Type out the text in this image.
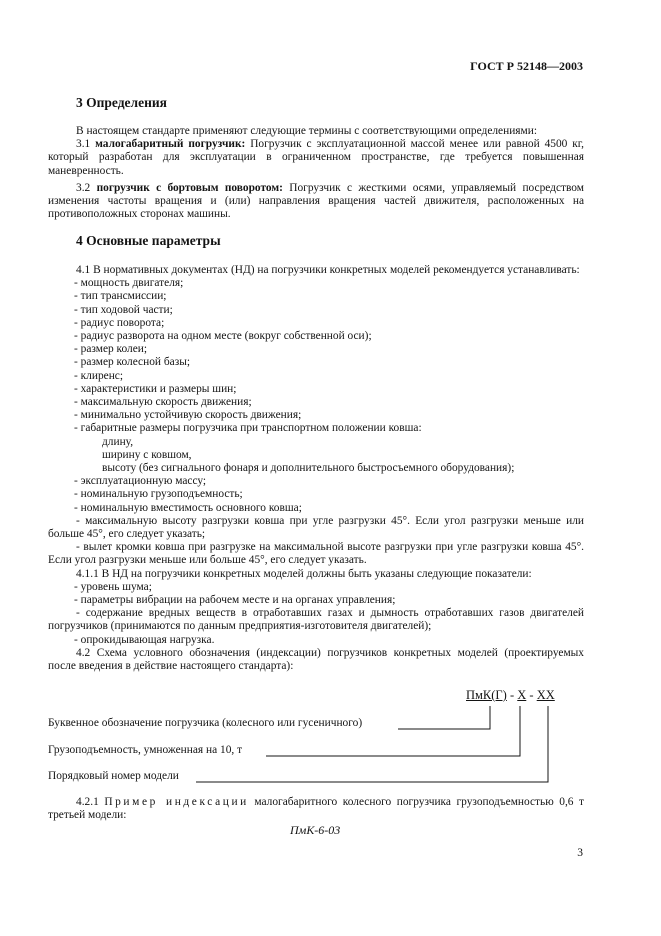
ГОСТ Р 52148—2003
3 Определения

В настоящем стандарте применяют следующие термины с соответствующими определениями:

3.1 малогабаритный погрузчик: Погрузчик с эксплуатационной массой менее или равной 4500 кг, который разработан для эксплуатации в ограниченном пространстве, где требуется повышенная маневренность.

3.2 погрузчик с бортовым поворотом: Погрузчик с жесткими осями, управляемый посредством изменения частоты вращения и (или) направления вращения частей движителя, расположенных на противоположных сторонах машины.

4 Основные параметры

4.1 В нормативных документах (НД) на погрузчики конкретных моделей рекомендуется устанавливать:

- мощность двигателя;

- тип трансмиссии;

- тип ходовой части;

- радиус поворота;

- радиус разворота на одном месте (вокруг собственной оси);

- размер колеи;

- размер колесной базы;

- клиренс;

- характеристики и размеры шин;

- максимальную скорость движения;

- минимально устойчивую скорость движения;

- габаритные размеры погрузчика при транспортном положении ковша:

длину,

ширину с ковшом,

высоту (без сигнального фонаря и дополнительного быстросъемного оборудования);

- эксплуатационную массу;

- номинальную грузоподъемность;

- номинальную вместимость основного ковша;

- максимальную высоту разгрузки ковша при угле разгрузки 45°. Если угол разгрузки меньше или больше 45°, его следует указать;

- вылет кромки ковша при разгрузке на максимальной высоте разгрузки при угле разгрузки ковша 45°. Если угол разгрузки меньше или больше 45°, его следует указать.

4.1.1 В НД на погрузчики конкретных моделей должны быть указаны следующие показатели:

- уровень шума;

- параметры вибрации на рабочем месте и на органах управления;

- содержание вредных веществ в отработавших газах и дымность отработавших газов двигателей погрузчиков (принимаются по данным предприятия-изготовителя двигателей);

- опрокидывающая нагрузка.

4.2 Схема условного обозначения (индексации) погрузчиков конкретных моделей (проектируемых после введения в действие настоящего стандарта):

ПмК(Г) - Х - ХХ
Буквенное обозначение погрузчика (колесного или гусеничного)
Грузоподъемность, умноженная на 10, т
Порядковый номер модели

4.2.1 Пример индексации малогабаритного колесного погрузчика грузоподъемностью 0,6 т третьей модели:

ПмК-6-03
3
